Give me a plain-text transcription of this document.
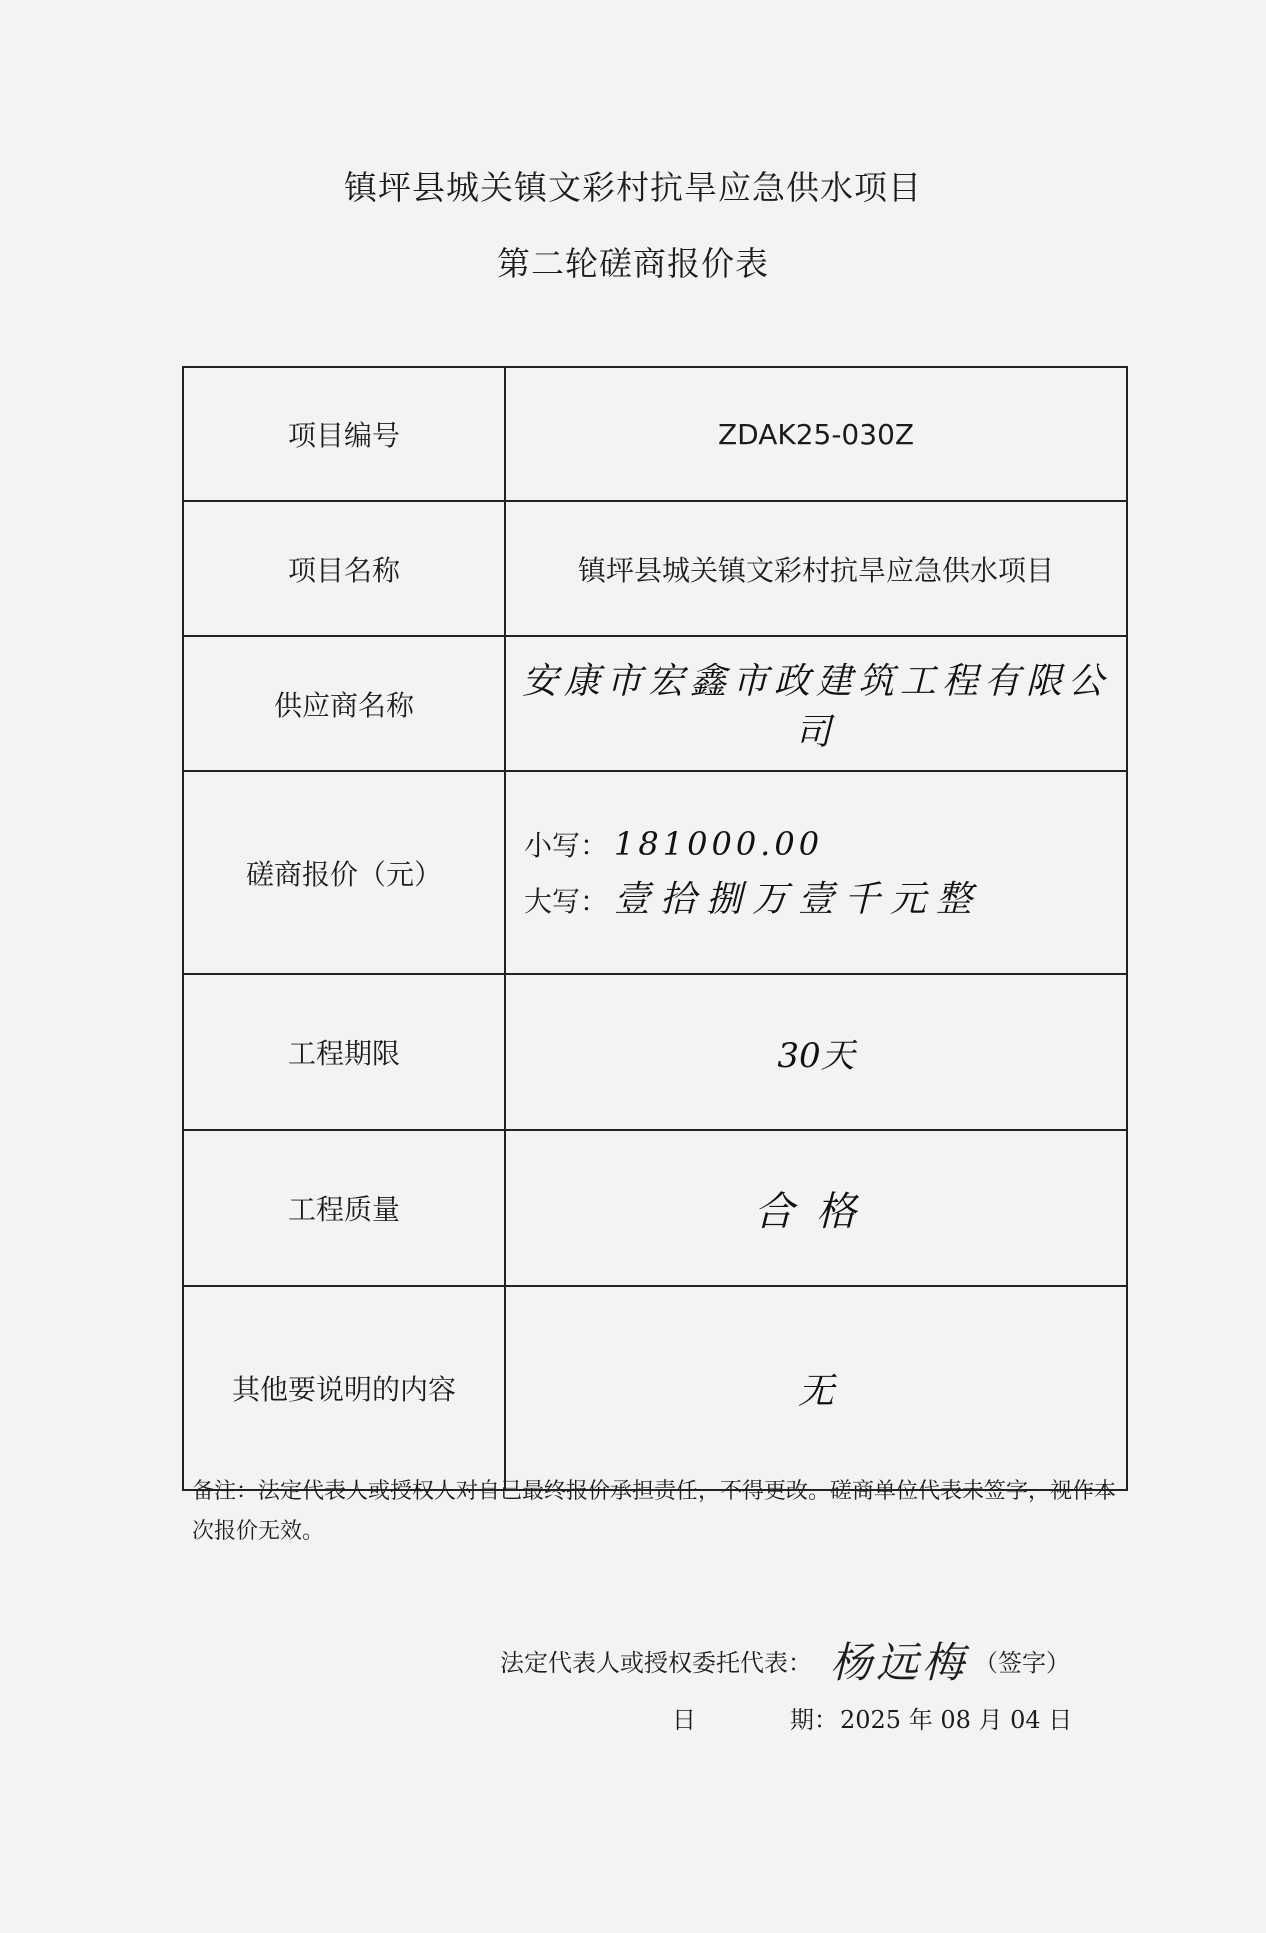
镇坪县城关镇文彩村抗旱应急供水项目
第二轮磋商报价表
项目编号	ZDAK25-030Z
项目名称	镇坪县城关镇文彩村抗旱应急供水项目
供应商名称	安康市宏鑫市政建筑工程有限公司
磋商报价（元）	小写： 181000.00
大写： 壹拾捌万壹千元整

工程期限	30天
工程质量	合格
其他要说明的内容	无
备注：法定代表人或授权人对自己最终报价承担责任，不得更改。磋商单位代表未签字，视作本次报价无效。
法定代表人或授权委托代表： 杨远梅 （签字）
日	期： 2025 年 08 月 04 日
